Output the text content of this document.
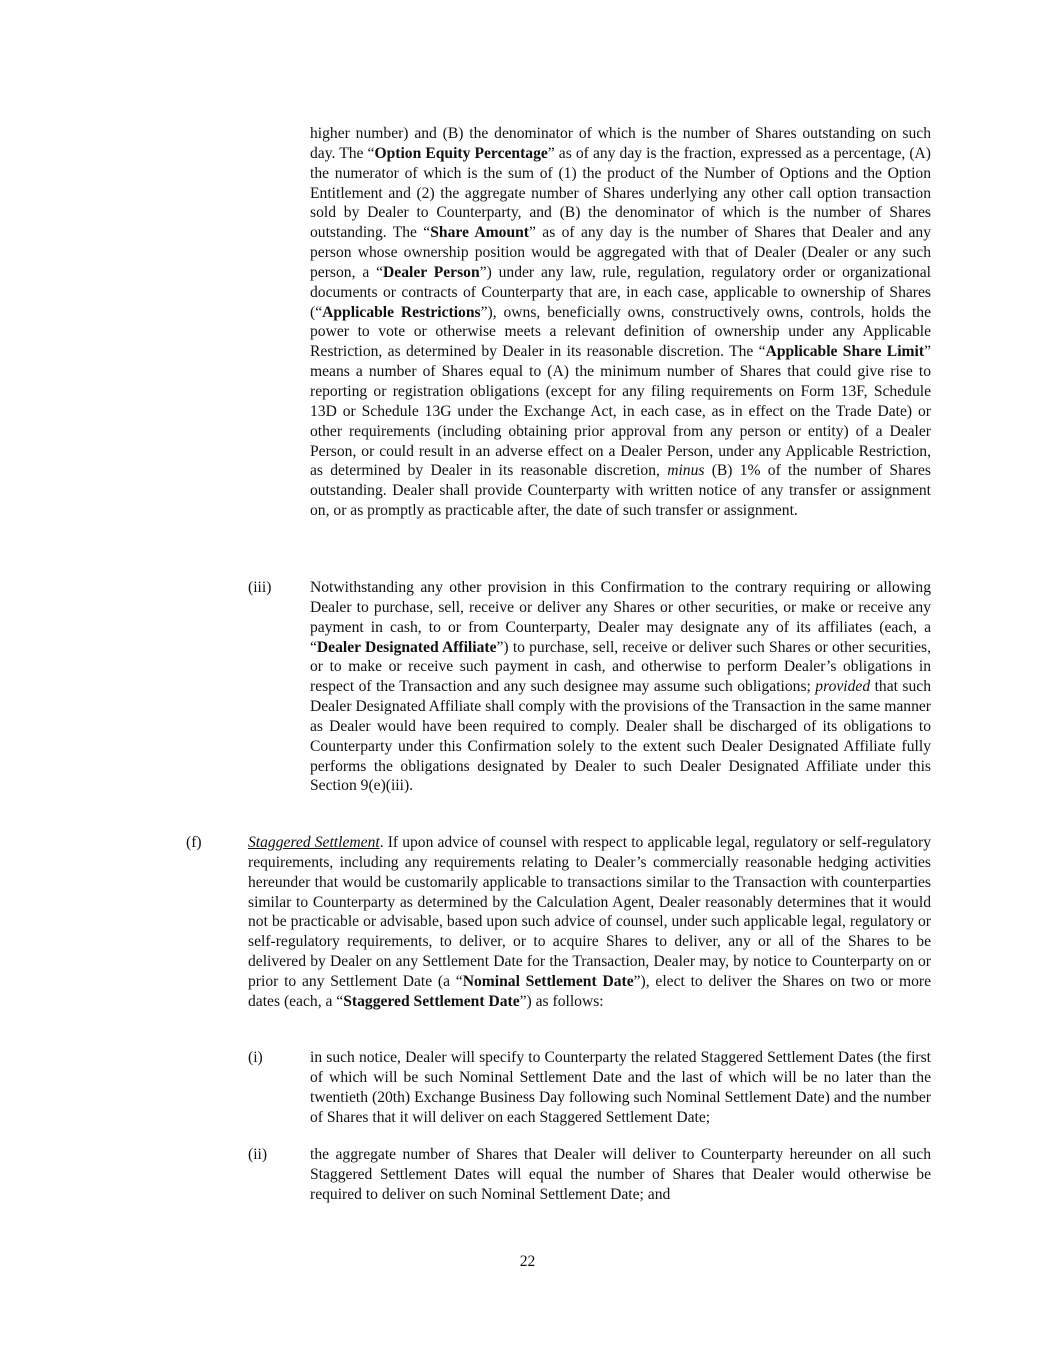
higher number) and (B) the denominator of which is the number of Shares outstanding on such day. The “Option Equity Percentage” as of any day is the fraction, expressed as a percentage, (A) the numerator of which is the sum of (1) the product of the Number of Options and the Option Entitlement and (2) the aggregate number of Shares underlying any other call option transaction sold by Dealer to Counterparty, and (B) the denominator of which is the number of Shares outstanding. The “Share Amount” as of any day is the number of Shares that Dealer and any person whose ownership position would be aggregated with that of Dealer (Dealer or any such person, a “Dealer Person”) under any law, rule, regulation, regulatory order or organizational documents or contracts of Counterparty that are, in each case, applicable to ownership of Shares (“Applicable Restrictions”), owns, beneficially owns, constructively owns, controls, holds the power to vote or otherwise meets a relevant definition of ownership under any Applicable Restriction, as determined by Dealer in its reasonable discretion. The “Applicable Share Limit” means a number of Shares equal to (A) the minimum number of Shares that could give rise to reporting or registration obligations (except for any filing requirements on Form 13F, Schedule 13D or Schedule 13G under the Exchange Act, in each case, as in effect on the Trade Date) or other requirements (including obtaining prior approval from any person or entity) of a Dealer Person, or could result in an adverse effect on a Dealer Person, under any Applicable Restriction, as determined by Dealer in its reasonable discretion, minus (B) 1% of the number of Shares outstanding. Dealer shall provide Counterparty with written notice of any transfer or assignment on, or as promptly as practicable after, the date of such transfer or assignment.
(iii) Notwithstanding any other provision in this Confirmation to the contrary requiring or allowing Dealer to purchase, sell, receive or deliver any Shares or other securities, or make or receive any payment in cash, to or from Counterparty, Dealer may designate any of its affiliates (each, a “Dealer Designated Affiliate”) to purchase, sell, receive or deliver such Shares or other securities, or to make or receive such payment in cash, and otherwise to perform Dealer’s obligations in respect of the Transaction and any such designee may assume such obligations; provided that such Dealer Designated Affiliate shall comply with the provisions of the Transaction in the same manner as Dealer would have been required to comply. Dealer shall be discharged of its obligations to Counterparty under this Confirmation solely to the extent such Dealer Designated Affiliate fully performs the obligations designated by Dealer to such Dealer Designated Affiliate under this Section 9(e)(iii).
(f)	Staggered Settlement. If upon advice of counsel with respect to applicable legal, regulatory or self-regulatory requirements, including any requirements relating to Dealer’s commercially reasonable hedging activities hereunder that would be customarily applicable to transactions similar to the Transaction with counterparties similar to Counterparty as determined by the Calculation Agent, Dealer reasonably determines that it would not be practicable or advisable, based upon such advice of counsel, under such applicable legal, regulatory or self-regulatory requirements, to deliver, or to acquire Shares to deliver, any or all of the Shares to be delivered by Dealer on any Settlement Date for the Transaction, Dealer may, by notice to Counterparty on or prior to any Settlement Date (a “Nominal Settlement Date”), elect to deliver the Shares on two or more dates (each, a “Staggered Settlement Date”) as follows:
(i)	in such notice, Dealer will specify to Counterparty the related Staggered Settlement Dates (the first of which will be such Nominal Settlement Date and the last of which will be no later than the twentieth (20th) Exchange Business Day following such Nominal Settlement Date) and the number of Shares that it will deliver on each Staggered Settlement Date;
(ii)	the aggregate number of Shares that Dealer will deliver to Counterparty hereunder on all such Staggered Settlement Dates will equal the number of Shares that Dealer would otherwise be required to deliver on such Nominal Settlement Date; and
22
